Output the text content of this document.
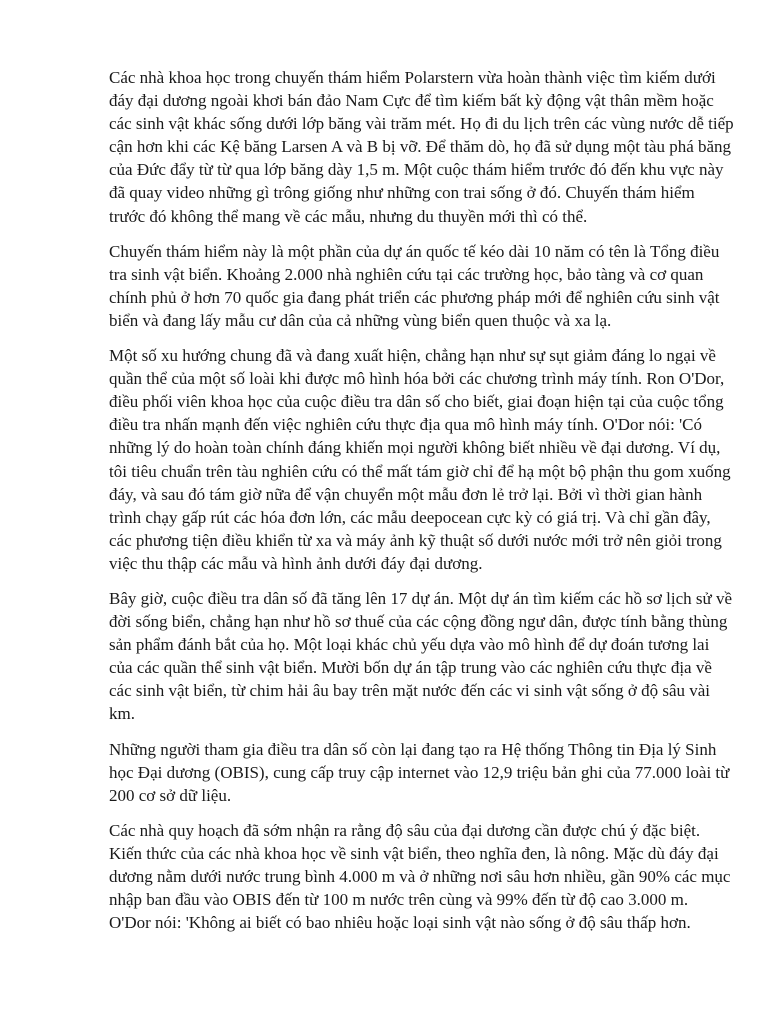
Các nhà khoa học trong chuyến thám hiểm Polarstern vừa hoàn thành việc tìm kiếm dưới đáy đại dương ngoài khơi bán đảo Nam Cực để tìm kiếm bất kỳ động vật thân mềm hoặc các sinh vật khác sống dưới lớp băng vài trăm mét. Họ đi du lịch trên các vùng nước dễ tiếp cận hơn khi các Kệ băng Larsen A và B bị vỡ. Để thăm dò, họ đã sử dụng một tàu phá băng của Đức đẩy từ từ qua lớp băng dày 1,5 m. Một cuộc thám hiểm trước đó đến khu vực này đã quay video những gì trông giống như những con trai sống ở đó. Chuyến thám hiểm trước đó không thể mang về các mẫu, nhưng du thuyền mới thì có thể.

Chuyến thám hiểm này là một phần của dự án quốc tế kéo dài 10 năm có tên là Tổng điều tra sinh vật biển. Khoảng 2.000 nhà nghiên cứu tại các trường học, bảo tàng và cơ quan chính phủ ở hơn 70 quốc gia đang phát triển các phương pháp mới để nghiên cứu sinh vật biển và đang lấy mẫu cư dân của cả những vùng biển quen thuộc và xa lạ.

Một số xu hướng chung đã và đang xuất hiện, chẳng hạn như sự sụt giảm đáng lo ngại về quần thể của một số loài khi được mô hình hóa bởi các chương trình máy tính. Ron O'Dor, điều phối viên khoa học của cuộc điều tra dân số cho biết, giai đoạn hiện tại của cuộc tổng điều tra nhấn mạnh đến việc nghiên cứu thực địa qua mô hình máy tính. O'Dor nói: 'Có những lý do hoàn toàn chính đáng khiến mọi người không biết nhiều về đại dương. Ví dụ, tôi tiêu chuẩn trên tàu nghiên cứu có thể mất tám giờ chỉ để hạ một bộ phận thu gom xuống đáy, và sau đó tám giờ nữa để vận chuyển một mẫu đơn lẻ trở lại. Bởi vì thời gian hành trình chạy gấp rút các hóa đơn lớn, các mẫu deepocean cực kỳ có giá trị. Và chỉ gần đây, các phương tiện điều khiển từ xa và máy ảnh kỹ thuật số dưới nước mới trở nên giỏi trong việc thu thập các mẫu và hình ảnh dưới đáy đại dương.

Bây giờ, cuộc điều tra dân số đã tăng lên 17 dự án. Một dự án tìm kiếm các hồ sơ lịch sử về đời sống biển, chẳng hạn như hồ sơ thuế của các cộng đồng ngư dân, được tính bằng thùng sản phẩm đánh bắt của họ. Một loại khác chủ yếu dựa vào mô hình để dự đoán tương lai của các quần thể sinh vật biển. Mười bốn dự án tập trung vào các nghiên cứu thực địa về các sinh vật biển, từ chim hải âu bay trên mặt nước đến các vi sinh vật sống ở độ sâu vài km.

Những người tham gia điều tra dân số còn lại đang tạo ra Hệ thống Thông tin Địa lý Sinh học Đại dương (OBIS), cung cấp truy cập internet vào 12,9 triệu bản ghi của 77.000 loài từ 200 cơ sở dữ liệu.

Các nhà quy hoạch đã sớm nhận ra rằng độ sâu của đại dương cần được chú ý đặc biệt. Kiến thức của các nhà khoa học về sinh vật biển, theo nghĩa đen, là nông. Mặc dù đáy đại dương nằm dưới nước trung bình 4.000 m và ở những nơi sâu hơn nhiều, gần 90% các mục nhập ban đầu vào OBIS đến từ 100 m nước trên cùng và 99% đến từ độ cao 3.000 m. O'Dor nói: 'Không ai biết có bao nhiêu hoặc loại sinh vật nào sống ở độ sâu thấp hơn.
